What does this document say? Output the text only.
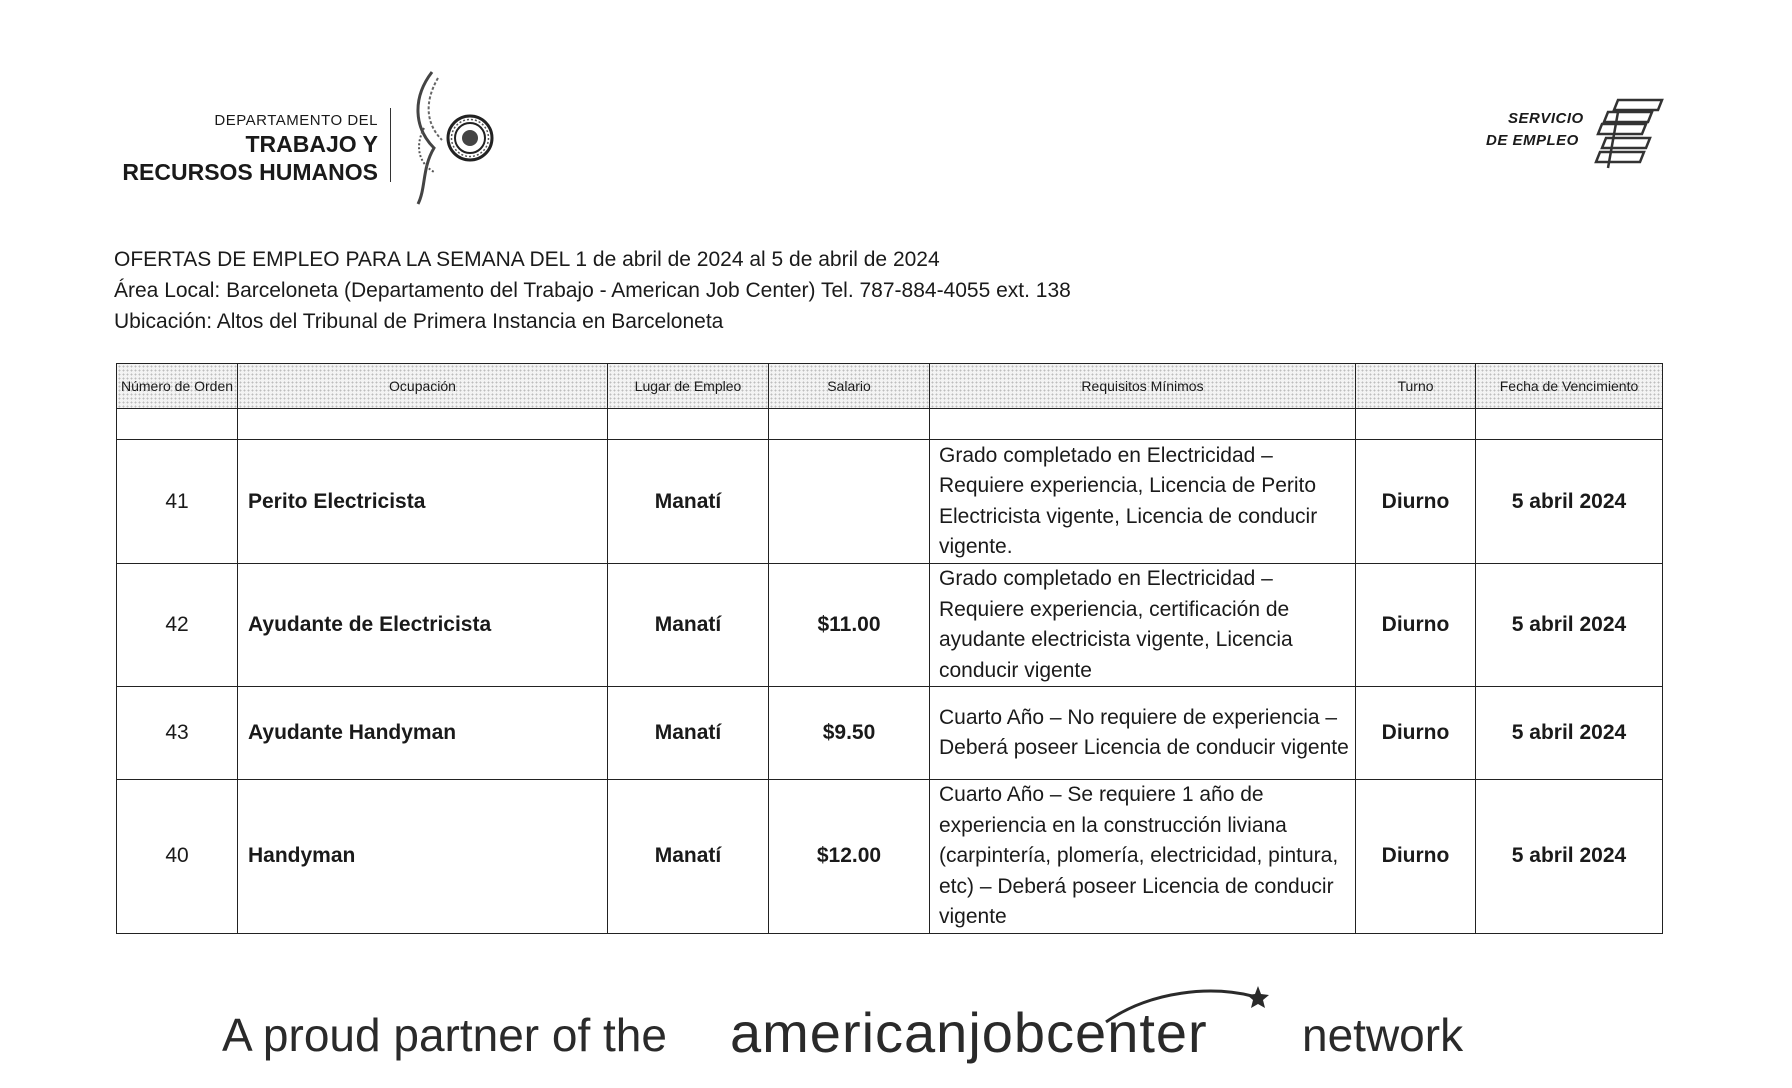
DEPARTAMENTO DEL
TRABAJO Y
RECURSOS HUMANOS
SERVICIO
DE EMPLEO
OFERTAS DE EMPLEO PARA LA SEMANA DEL 1 de abril de 2024 al 5 de abril de 2024
Área Local: Barceloneta (Departamento del Trabajo - American Job Center) Tel. 787-884-4055 ext. 138
Ubicación: Altos del Tribunal de Primera Instancia en Barceloneta
Número de Orden	Ocupación	Lugar de Empleo	Salario	Requisitos Mínimos	Turno	Fecha de Vencimiento

41	Perito Electricista	Manatí		Grado completado en Electricidad – Requiere experiencia, Licencia de Perito Electricista vigente, Licencia de conducir vigente.	Diurno	5 abril 2024
42	Ayudante de Electricista	Manatí	$11.00	Grado completado en Electricidad – Requiere experiencia, certificación de ayudante electricista vigente, Licencia conducir vigente	Diurno	5 abril 2024
43	Ayudante Handyman	Manatí	$9.50	Cuarto Año – No requiere de experiencia – Deberá poseer Licencia de conducir vigente	Diurno	5 abril 2024
40	Handyman	Manatí	$12.00	Cuarto Año – Se requiere 1 año de experiencia en la construcción liviana (carpintería, plomería, electricidad, pintura, etc) – Deberá poseer Licencia de conducir vigente	Diurno	5 abril 2024
A proud partner of the americanjobcenter network
